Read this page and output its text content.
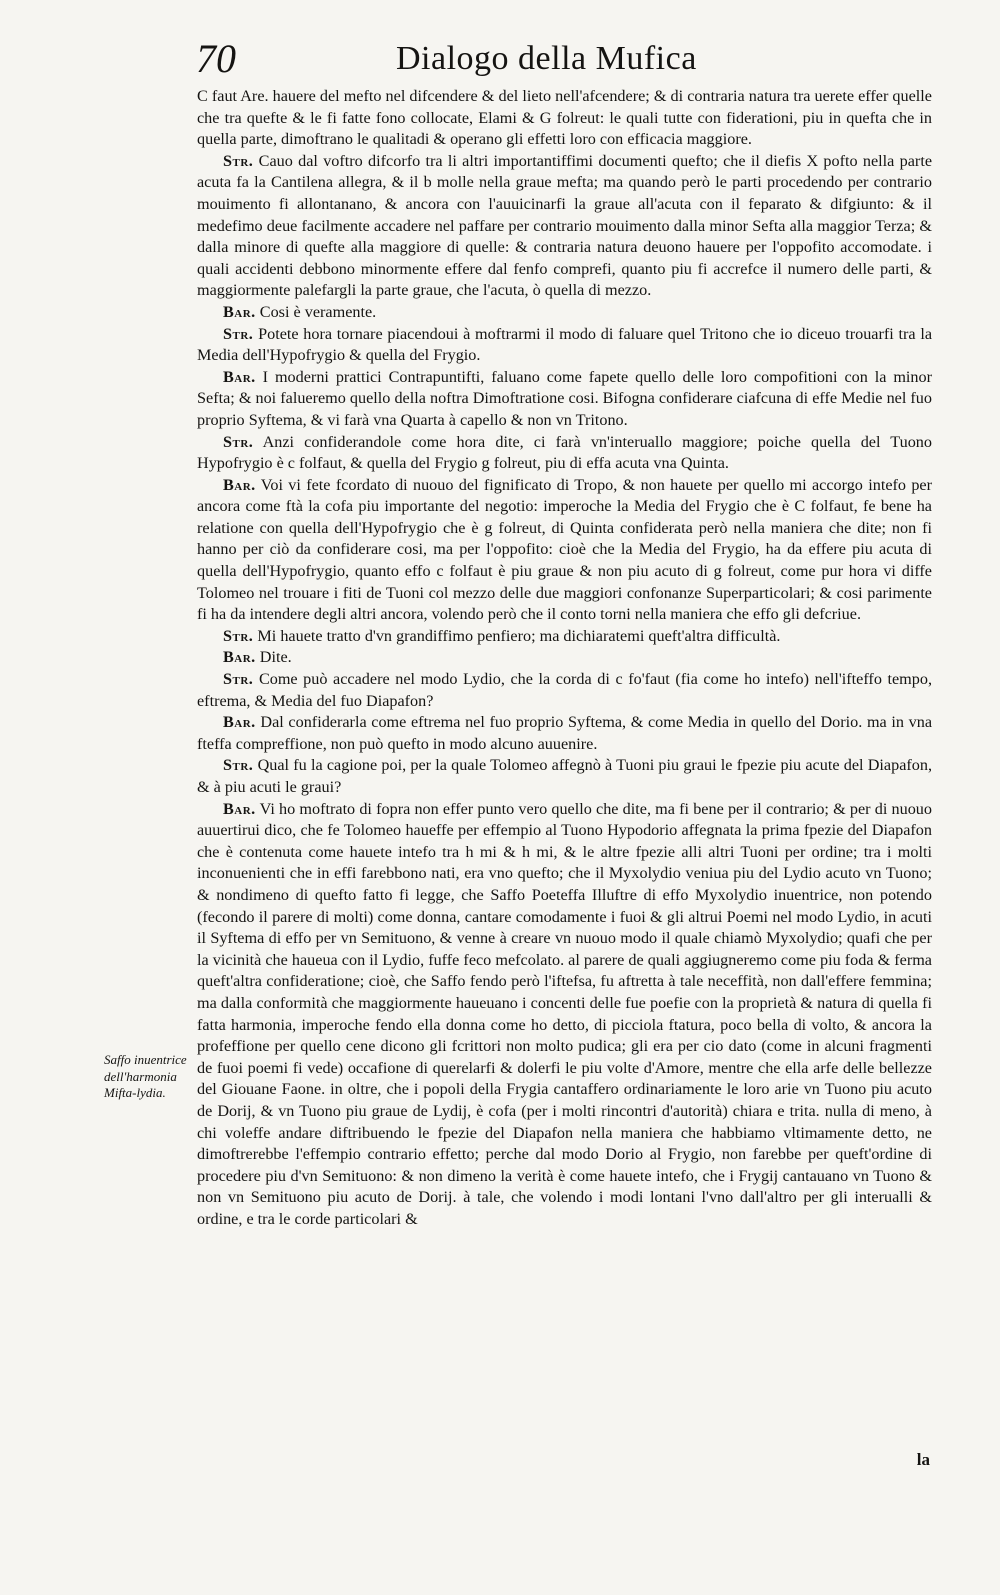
70	Dialogo della Mufica

C faut Are. hauere del mefto nel difcendere & del lieto nell'afcendere; & di contraria natura tra uerete effer quelle che tra quefte & le fi fatte fono collocate, Elami & G folreut: le quali tutte con fiderationi, piu in quefta che in quella parte, dimoftrano le qualitadi & operano gli effetti loro con efficacia maggiore.

Str. Cauo dal voftro difcorfo tra li altri importantiffimi documenti quefto; che il diefis X pofto nella parte acuta fa la Cantilena allegra, & il b molle nella graue mefta; ma quando però le parti procedendo per contrario mouimento fi allontanano, & ancora con l'auuicinarfi la graue all'acuta con il feparato & difgiunto: & il medefimo deue facilmente accadere nel paffare per contrario mouimento dalla minor Sefta alla maggior Terza; & dalla minore di quefte alla maggiore di quelle: & contraria natura deuono hauere per l'oppofito accomodate. i quali accidenti debbono minormente effere dal fenfo comprefi, quanto piu fi accrefce il numero delle parti, & maggiormente palefargli la parte graue, che l'acuta, ò quella di mezzo.

Bar. Cosi è veramente.

Str. Potete hora tornare piacendoui à moftrarmi il modo di faluare quel Tritono che io diceuo trouarfi tra la Media dell'Hypofrygio & quella del Frygio.

Bar. I moderni prattici Contrapuntifti, faluano come fapete quello delle loro compofitioni con la minor Sefta; & noi falueremo quello della noftra Dimoftratione cosi. Bifogna confiderare ciafcuna di effe Medie nel fuo proprio Syftema, & vi farà vna Quarta à capello & non vn Tritono.

Str. Anzi confiderandole come hora dite, ci farà vn'interuallo maggiore; poiche quella del Tuono Hypofrygio è c folfaut, & quella del Frygio g folreut, piu di effa acuta vna Quinta.

Bar. Voi vi fete fcordato di nuouo del fignificato di Tropo, & non hauete per quello mi accorgo intefo per ancora come ftà la cofa piu importante del negotio: imperoche la Media del Frygio che è C folfaut, fe bene ha relatione con quella dell'Hypofrygio che è g folreut, di Quinta confiderata però nella maniera che dite; non fi hanno per ciò da confiderare cosi, ma per l'oppofito: cioè che la Media del Frygio, ha da effere piu acuta di quella dell'Hypofrygio, quanto effo c folfaut è piu graue & non piu acuto di g folreut, come pur hora vi diffe Tolomeo nel trouare i fiti de Tuoni col mezzo delle due maggiori confonanze Superparticolari; & cosi parimente fi ha da intendere degli altri ancora, volendo però che il conto torni nella maniera che effo gli defcriue.

Str. Mi hauete tratto d'vn grandiffimo penfiero; ma dichiaratemi queft'altra difficultà.

Bar. Dite.

Str. Come può accadere nel modo Lydio, che la corda di c fo'faut (fia come ho intefo) nell'ifteffo tempo, eftrema, & Media del fuo Diapafon?

Bar. Dal confiderarla come eftrema nel fuo proprio Syftema, & come Media in quello del Dorio. ma in vna fteffa compreffione, non può quefto in modo alcuno auuenire.

Str. Qual fu la cagione poi, per la quale Tolomeo affegnò à Tuoni piu graui le fpezie piu acute del Diapafon, & à piu acuti le graui?

Bar. Vi ho moftrato di fopra non effer punto vero quello che dite, ma fi bene per il contrario; & per di nuouo auuertirui dico, che fe Tolomeo haueffe per effempio al Tuono Hypodorio affegnata la prima fpezie del Diapafon che è contenuta come hauete intefo tra h mi & h mi, & le altre fpezie alli altri Tuoni per ordine; tra i molti inconuenienti che in effi farebbono nati, era vno quefto; che il Myxolydio veniua piu del Lydio acuto vn Tuono; & nondimeno di quefto fatto fi legge, che Saffo Poeteffa Illuftre di effo Myxolydio inuentrice, non potendo (fecondo il parere di molti) come donna, cantare comodamente i fuoi & gli altrui Poemi nel modo Lydio, in acuti il Syftema di effo per vn Semituono, & venne à creare vn nuouo modo il quale chiamò Myxolydio; quafi che per la vicinità che haueua con il Lydio, fuffe feco mefcolato. al parere de quali aggiugneremo come piu foda & ferma queft'altra confideratione; cioè, che Saffo fendo però l'iftefsa, fu aftretta à tale neceffità, non dall'effere femmina; ma dalla conformità che maggiormente haueuano i concenti delle fue poefie con la proprietà & natura di quella fi fatta harmonia, imperoche fendo ella donna come ho detto, di picciola ftatura, poco bella di volto, & ancora la profeffione per quello cene dicono gli fcrittori non molto pudica; gli era per cio dato (come in alcuni fragmenti de fuoi poemi fi vede) occafione di querelarfi & dolerfi le piu volte d'Amore, mentre che ella arfe delle bellezze del Giouane Faone. in oltre, che i popoli della Frygia cantaffero ordinariamente le loro arie vn Tuono piu acuto de Dorij, & vn Tuono piu graue de Lydij, è cofa (per i molti rincontri d'autorità) chiara e trita. nulla di meno, à chi voleffe andare diftribuendo le fpezie del Diapafon nella maniera che habbiamo vltimamente detto, ne dimoftrerebbe l'effempio contrario effetto; perche dal modo Dorio al Frygio, non farebbe per queft'ordine di procedere piu d'vn Semituono: & non dimeno la verità è come hauete intefo, che i Frygij cantauano vn Tuono & non vn Semituono piu acuto de Dorij. à tale, che volendo i modi lontani l'vno dall'altro per gli interualli & ordine, e tra le corde particolari &

Saffo inuentrice dell'harmonia Mifta-lydia.
la
